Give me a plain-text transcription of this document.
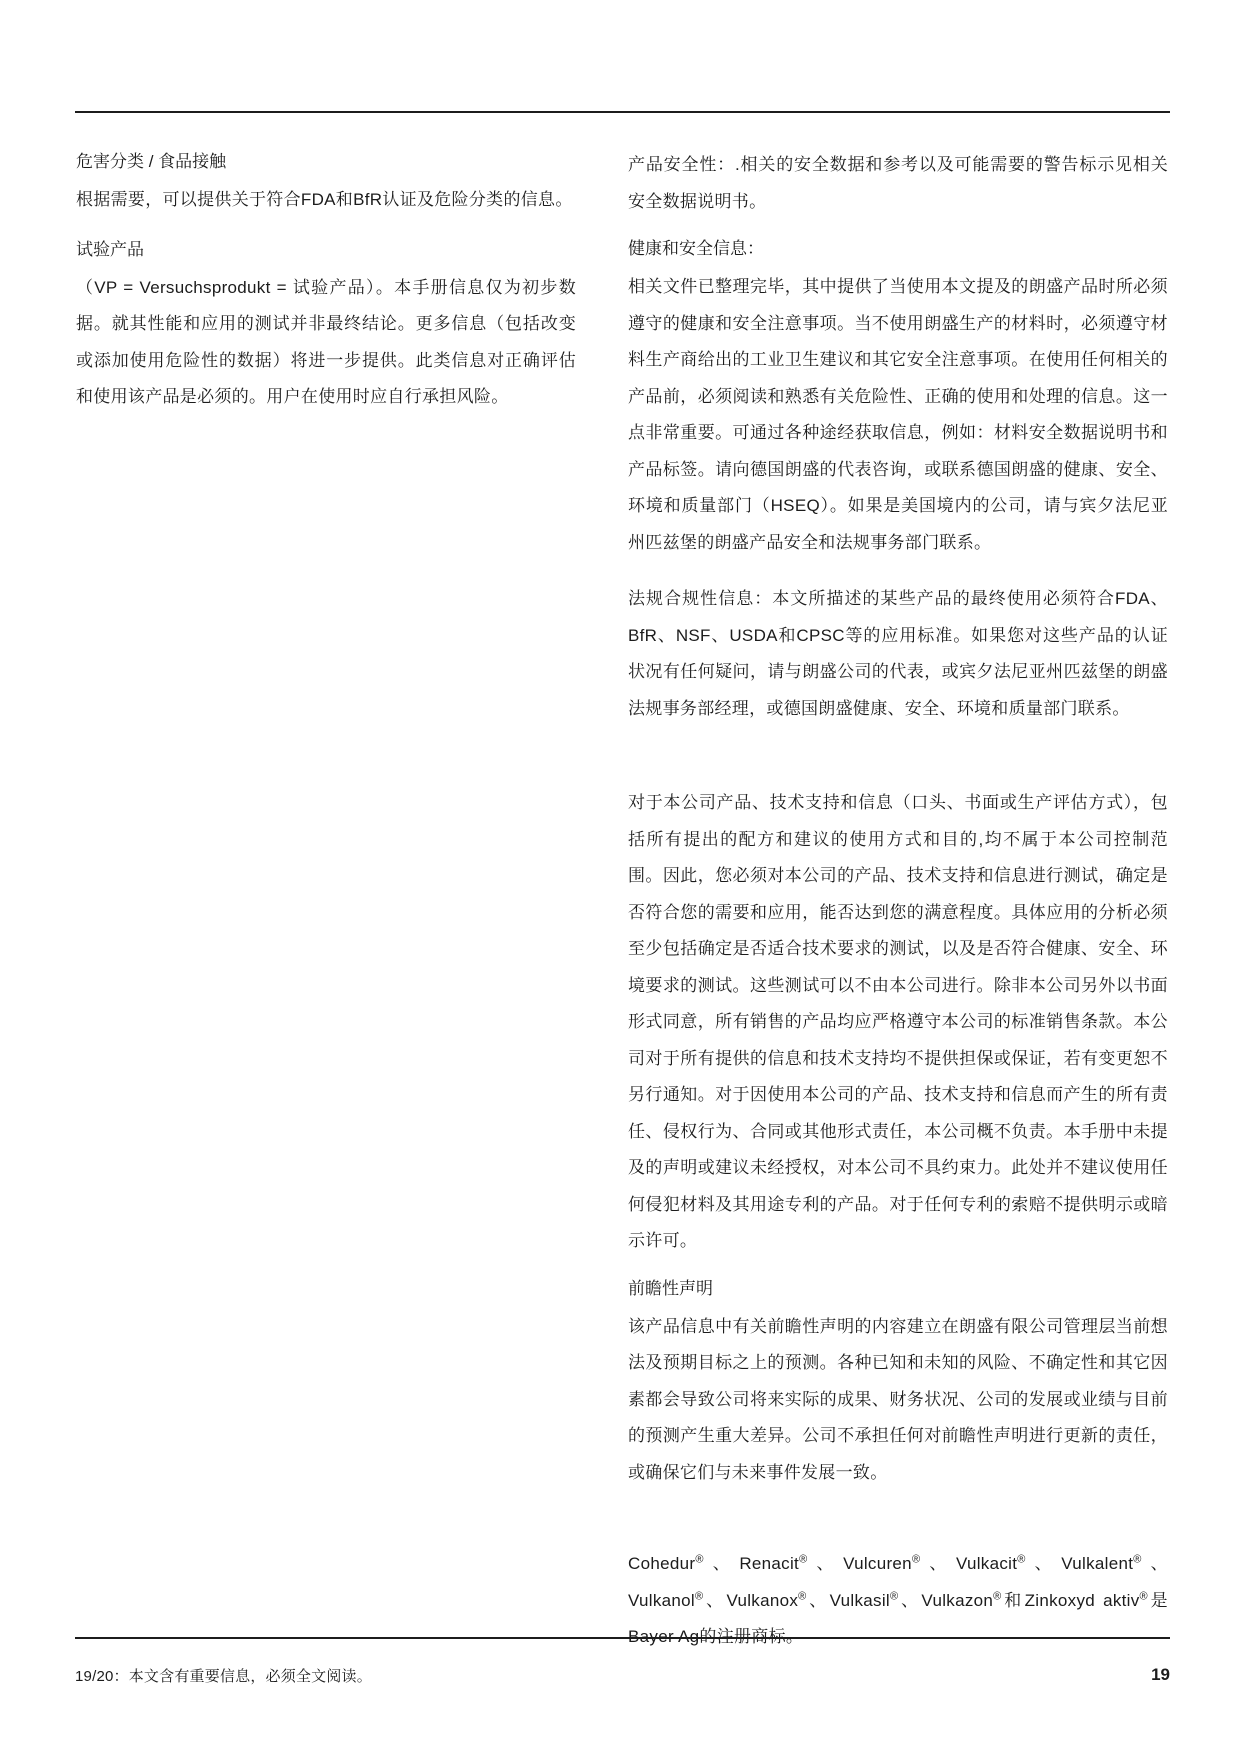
危害分类 / 食品接触

根据需要，可以提供关于符合FDA和BfR认证及危险分类的信息。

试验产品

（VP = Versuchsprodukt = 试验产品）。本手册信息仅为初步数据。就其性能和应用的测试并非最终结论。更多信息（包括改变或添加使用危险性的数据）将进一步提供。此类信息对正确评估和使用该产品是必须的。用户在使用时应自行承担风险。

产品安全性：.相关的安全数据和参考以及可能需要的警告标示见相关安全数据说明书。

健康和安全信息：

相关文件已整理完毕，其中提供了当使用本文提及的朗盛产品时所必须遵守的健康和安全注意事项。当不使用朗盛生产的材料时，必须遵守材料生产商给出的工业卫生建议和其它安全注意事项。在使用任何相关的产品前，必须阅读和熟悉有关危险性、正确的使用和处理的信息。这一点非常重要。可通过各种途经获取信息，例如：材料安全数据说明书和产品标签。请向德国朗盛的代表咨询，或联系德国朗盛的健康、安全、环境和质量部门（HSEQ）。如果是美国境内的公司，请与宾夕法尼亚州匹兹堡的朗盛产品安全和法规事务部门联系。

法规合规性信息：本文所描述的某些产品的最终使用必须符合FDA、BfR、NSF、USDA和CPSC等的应用标准。如果您对这些产品的认证状况有任何疑问，请与朗盛公司的代表，或宾夕法尼亚州匹兹堡的朗盛法规事务部经理，或德国朗盛健康、安全、环境和质量部门联系。

对于本公司产品、技术支持和信息（口头、书面或生产评估方式），包括所有提出的配方和建议的使用方式和目的,均不属于本公司控制范围。因此，您必须对本公司的产品、技术支持和信息进行测试，确定是否符合您的需要和应用，能否达到您的满意程度。具体应用的分析必须至少包括确定是否适合技术要求的测试，以及是否符合健康、安全、环境要求的测试。这些测试可以不由本公司进行。除非本公司另外以书面形式同意，所有销售的产品均应严格遵守本公司的标准销售条款。本公司对于所有提供的信息和技术支持均不提供担保或保证，若有变更恕不另行通知。对于因使用本公司的产品、技术支持和信息而产生的所有责任、侵权行为、合同或其他形式责任，本公司概不负责。本手册中未提及的声明或建议未经授权，对本公司不具约束力。此处并不建议使用任何侵犯材料及其用途专利的产品。对于任何专利的索赔不提供明示或暗示许可。

前瞻性声明

该产品信息中有关前瞻性声明的内容建立在朗盛有限公司管理层当前想法及预期目标之上的预测。各种已知和未知的风险、不确定性和其它因素都会导致公司将来实际的成果、财务状况、公司的发展或业绩与目前的预测产生重大差异。公司不承担任何对前瞻性声明进行更新的责任，或确保它们与未来事件发展一致。

Cohedur®、Renacit®、Vulcuren®、Vulkacit®、Vulkalent®、Vulkanol®、Vulkanox®、Vulkasil®、Vulkazon®和Zinkoxyd aktiv®是Bayer Ag的注册商标。

19/20：本文含有重要信息，必须全文阅读。	19
